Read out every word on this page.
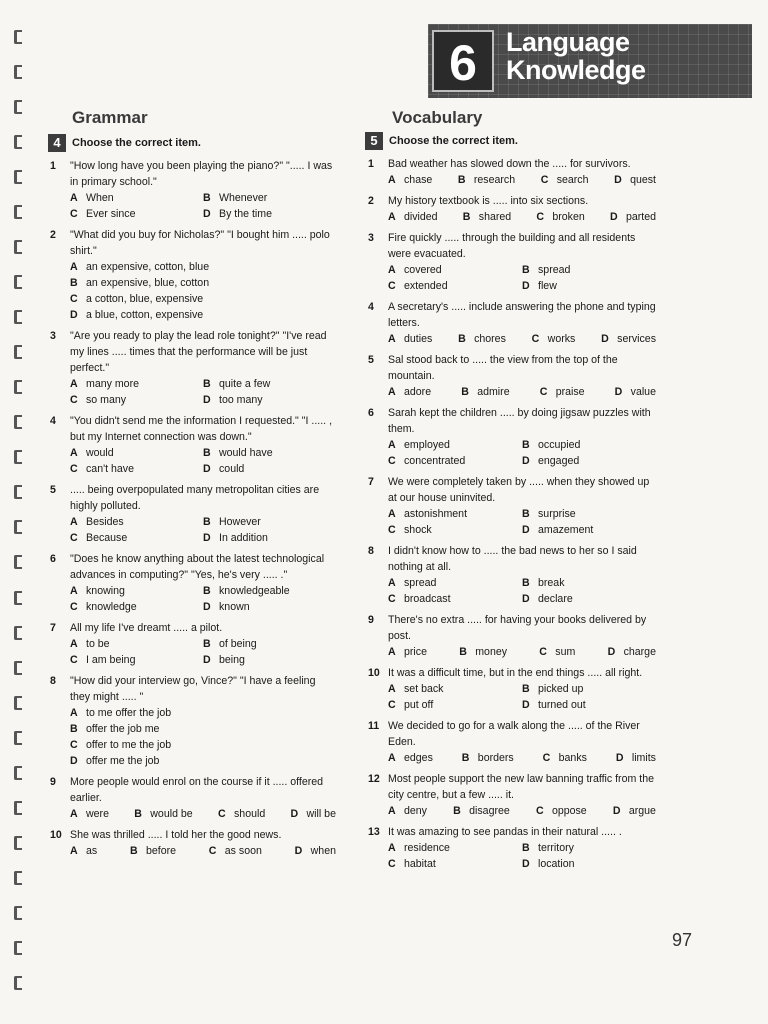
6	Language
Knowledge
Grammar
4	Choose the correct item.
1	"How long have you been playing the piano?" "..... I was in primary school."
A When	B Whenever
C Ever since	D By the time
2	"What did you buy for Nicholas?" "I bought him ..... polo shirt."
A an expensive, cotton, blue
B an expensive, blue, cotton
C a cotton, blue, expensive
D a blue, cotton, expensive
3	"Are you ready to play the lead role tonight?" "I've read my lines ..... times that the performance will be just perfect."
A many more	B quite a few
C so many	D too many
4	"You didn't send me the information I requested." "I ..... , but my Internet connection was down."
A would	B would have
C can't have	D could
5	..... being overpopulated many metropolitan cities are highly polluted.
A Besides	B However
C Because	D In addition
6	"Does he know anything about the latest technological advances in computing?" "Yes, he's very ..... ."
A knowing	B knowledgeable
C knowledge	D known
7	All my life I've dreamt ..... a pilot.
A to be	B of being
C I am being	D being
8	"How did your interview go, Vince?" "I have a feeling they might ..... "
A to me offer the job
B offer the job me
C offer to me the job
D offer me the job
9	More people would enrol on the course if it ..... offered earlier.
A were B would be C should D will be
10 She was thrilled ..... I told her the good news.
A as	B before	C as soon	D when
Vocabulary
5	Choose the correct item.
1	Bad weather has slowed down the ..... for survivors.
A chase B research C search D quest
2	My history textbook is ..... into six sections.
A divided B shared C broken D parted
3	Fire quickly ..... through the building and all residents were evacuated.
A covered	B spread
C extended	D flew
4	A secretary's ..... include answering the phone and typing letters.
A duties B chores C works D services
5	Sal stood back to ..... the view from the top of the mountain.
A adore	B admire	C praise	D value
6	Sarah kept the children ..... by doing jigsaw puzzles with them.
A employed	B occupied
C concentrated	D engaged
7	We were completely taken by ..... when they showed up at our house uninvited.
A astonishment	B surprise
C shock	D amazement
8	I didn't know how to ..... the bad news to her so I said nothing at all.
A spread	B break
C broadcast	D declare
9	There's no extra ..... for having your books delivered by post.
A price	B money	C sum	D charge
10 It was a difficult time, but in the end things ..... all right.
A set back	B picked up
C put off	D turned out
11 We decided to go for a walk along the ..... of the River Eden.
A edges	B borders	C banks	D limits
12 Most people support the new law banning traffic from the city centre, but a few ..... it.
A deny B disagree C oppose D argue
13 It was amazing to see pandas in their natural ..... .
A residence	B territory
C habitat	D location
97
